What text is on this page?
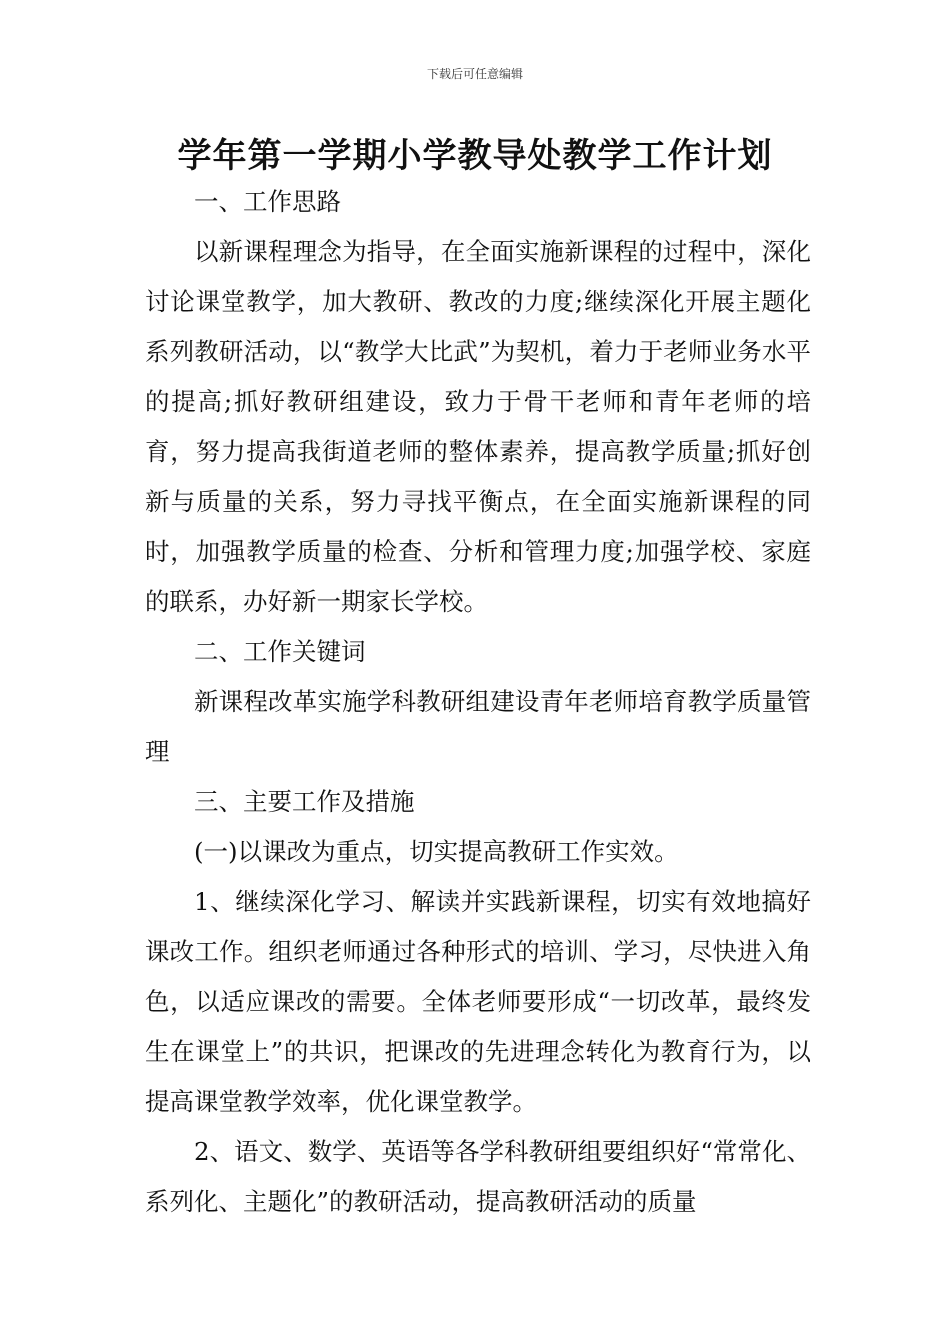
下载后可任意编辑
学年第一学期小学教导处教学工作计划

一、工作思路

以新课程理念为指导，在全面实施新课程的过程中，深化讨论课堂教学，加大教研、教改的力度;继续深化开展主题化系列教研活动，以“教学大比武”为契机，着力于老师业务水平的提高;抓好教研组建设，致力于骨干老师和青年老师的培育，努力提高我街道老师的整体素养，提高教学质量;抓好创新与质量的关系，努力寻找平衡点，在全面实施新课程的同时，加强教学质量的检查、分析和管理力度;加强学校、家庭的联系，办好新一期家长学校。

二、工作关键词

新课程改革实施学科教研组建设青年老师培育教学质量管理

三、主要工作及措施

(一)以课改为重点，切实提高教研工作实效。

1、继续深化学习、解读并实践新课程，切实有效地搞好课改工作。组织老师通过各种形式的培训、学习，尽快进入角色，以适应课改的需要。全体老师要形成“一切改革，最终发生在课堂上”的共识，把课改的先进理念转化为教育行为，以提高课堂教学效率，优化课堂教学。

2、语文、数学、英语等各学科教研组要组织好“常常化、系列化、主题化”的教研活动，提高教研活动的质量
